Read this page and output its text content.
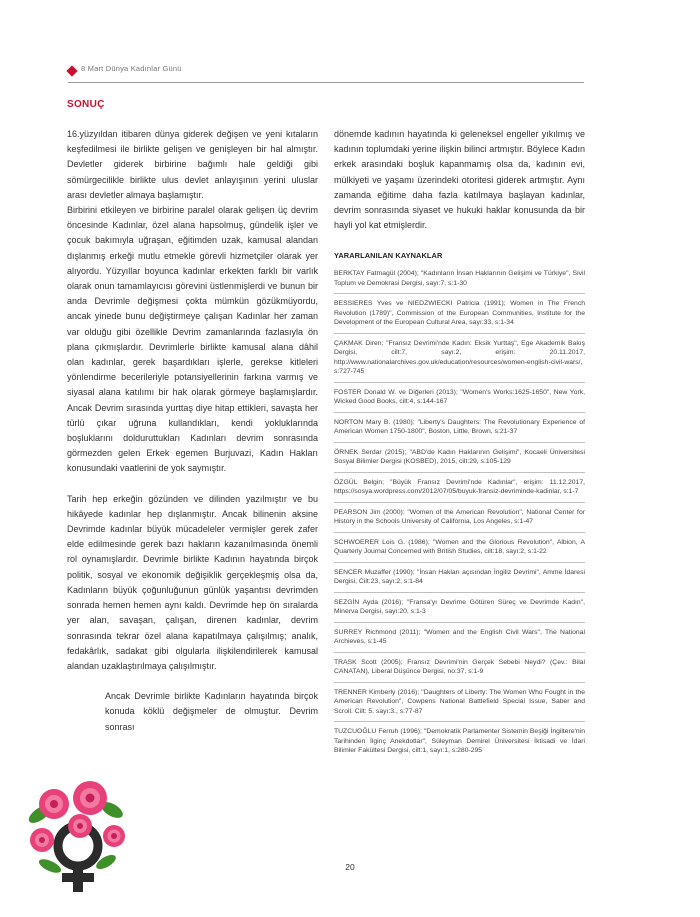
8 Mart Dünya Kadınlar Günü
SONUÇ

16.yüzyıldan itibaren dünya giderek değişen ve yeni kıtaların keşfedilmesi ile birlikte gelişen ve genişleyen bir hal almıştır. Devletler giderek birbirine bağımlı hale geldiği gibi sömürgecilikle birlikte ulus devlet anlayışının yerini uluslar arası devletler almaya başlamıştır.

Birbirini etkileyen ve birbirine paralel olarak gelişen üç devrim öncesinde Kadınlar, özel alana hapsolmuş, gündelik işler ve çocuk bakımıyla uğraşan, eğitimden uzak, kamusal alandan dışlanmış erkeği mutlu etmekle görevli hizmetçiler olarak yer alıyordu. Yüzyıllar boyunca kadınlar erkekten farklı bir varlık olarak onun tamamlayıcısı görevini üstlenmişlerdi ve bunun bir anda Devrimle değişmesi çokta mümkün gözükmüyordu, ancak yinede bunu değiştirmeye çalışan Kadınlar her zaman var olduğu gibi özellikle Devrim zamanlarında fazlasıyla ön plana çıkmışlardır. Devrimlerle birlikte kamusal alana dâhil olan kadınlar, gerek başardıkları işlerle, gerekse kitleleri yönlendirme becerileriyle potansiyellerinin farkına varmış ve siyasal alana katılımı bir hak olarak görmeye başlamışlardır. Ancak Devrim sırasında yurttaş diye hitap ettikleri, savaşta her türlü çıkar uğruna kullandıkları, kendi yokluklarında boşluklarını dolduruttukları Kadınları devrim sonrasında görmezden gelen Erkek egemen Burjuvazi, Kadın Hakları konusundaki vaatlerini de yok saymıştır.

Tarih hep erkeğin gözünden ve dilinden yazılmıştır ve bu hikâyede kadınlar hep dışlanmıştır. Ancak bilinenin aksine Devrimde kadınlar büyük mücadeleler vermişler gerek zafer elde edilmesinde gerek bazı hakların kazanılmasında önemli rol oynamışlardır. Devrimle birlikte Kadının hayatında birçok politik, sosyal ve ekonomik değişiklik gerçekleşmiş olsa da, Kadınların büyük çoğunluğunun günlük yaşantısı devrimden sonrada hemen hemen aynı kaldı. Devrimde hep ön sıralarda yer alan, savaşan, çalışan, direnen kadınlar, devrim sonrasında tekrar özel alana kapatılmaya çalışılmış; analık, fedakârlık, sadakat gibi olgularla ilişkilendirilerek kamusal alandan uzaklaştırılmaya çalışılmıştır.

Ancak Devrimle birlikte Kadınların hayatında birçok konuda köklü değişmeler de olmuştur. Devrim sonrası

dönemde kadının hayatında ki geleneksel engeller yıkılmış ve kadının toplumdaki yerine ilişkin bilinci artmıştır. Böylece Kadın erkek arasındaki boşluk kapanmamış olsa da, kadının evi, mülkiyeti ve yaşamı üzerindeki otoritesi giderek artmıştır. Aynı zamanda eğitime daha fazla katılmaya başlayan kadınlar, devrim sonrasında siyaset ve hukuki haklar konusunda da bir hayli yol kat etmişlerdir.

YARARLANILAN KAYNAKLAR
BERKTAY Fatmagül (2004); "Kadınların İnsan Haklarının Gelişimi ve Türkiye", Sivil Toplum ve Demokrasi Dergisi, sayı:7, s:1-30
BESSIERES Yves ve NIEDZWIECKI Patricia (1991); Women in The French Revolution (1789)", Commission of the European Communities, Institute for the Development of the European Cultural Area, sayı:33, s:1-34
ÇAKMAK Diren; "Fransız Devrimi'nde Kadın: Eksik Yurttaş", Ege Akademik Bakış Dergisi, cilt:7, sayı:2, erişim: 20.11.2017, http://www.nationalarchives.gov.uk/education/resources/women-english-civil-wars/, s:727-745
FOSTER Donald W. ve Diğerleri (2013); "Women's Works:1625-1650", New York, Wicked Good Books, cilt:4, s:144-167
NORTON Mary B. (1980); "Liberty's Daughters: The Revolutionary Experience of American Women 1750-1800", Boston, Little, Brown, s:21-37
ÖRNEK Serdar (2015); "ABD'de Kadın Haklarının Gelişimi", Kocaeli Üniversitesi Sosyal Bilimler Dergisi (KOSBED), 2015, cilt:29, s:105-129
ÖZGÜL Belgin; "Büyük Fransız Devrimi'nde Kadınlar", erişim: 11.12.2017, https://sosya.wordpress.com/2012/07/05/buyuk-fransiz-devriminde-kadinlar, s:1-7
PEARSON Jim (2000); "Women of the American Revolution", National Center for History in the Schools University of California, Los Angeles, s:1-47
SCHWOERER Lois G. (1986); "Women and the Glorious Revolution", Albion, A Quarterly Journal Concerned with British Studies, cilt:18, sayı:2, s:1-22
SENCER Muzaffer (1990); "İnsan Hakları açısından İngiliz Devrimi", Amme İdaresi Dergisi, Cilt:23, sayı:2, s:1-84
SEZGİN Ayda (2016); "Fransa'yı Devrime Götüren Süreç ve Devrimde Kadın", Minerva Dergisi, sayı:20, s:1-3
SURREY Richmond (2011); "Women and the English Civil Wars", The National Archieves, s:1-45
TRASK Scott (2005); Fransız Devrimi'nin Gerçek Sebebi Neydi? (Çev.: Bilal CANATAN), Liberal Düşünce Dergisi, no:37, s:1-9
TRENNER Kimberly (2016); "Daughters of Liberty: The Women Who Fought in the American Revolution", Cowpens National Battlefield Special Issue, Saber and Scroll. Cilt: 5. sayı:3., s:77-87
TUZCUOĞLU Ferruh (1996); "Demokratik Parlamenter Sistemin Beşiği İngiltere'nin Tarihinden İlginç Anekdotlar", Süleyman Demirel Üniversitesi İktisadi ve İdari Bilimler Fakültesi Dergisi, cilt:1, sayı:1, s:280-295
20
